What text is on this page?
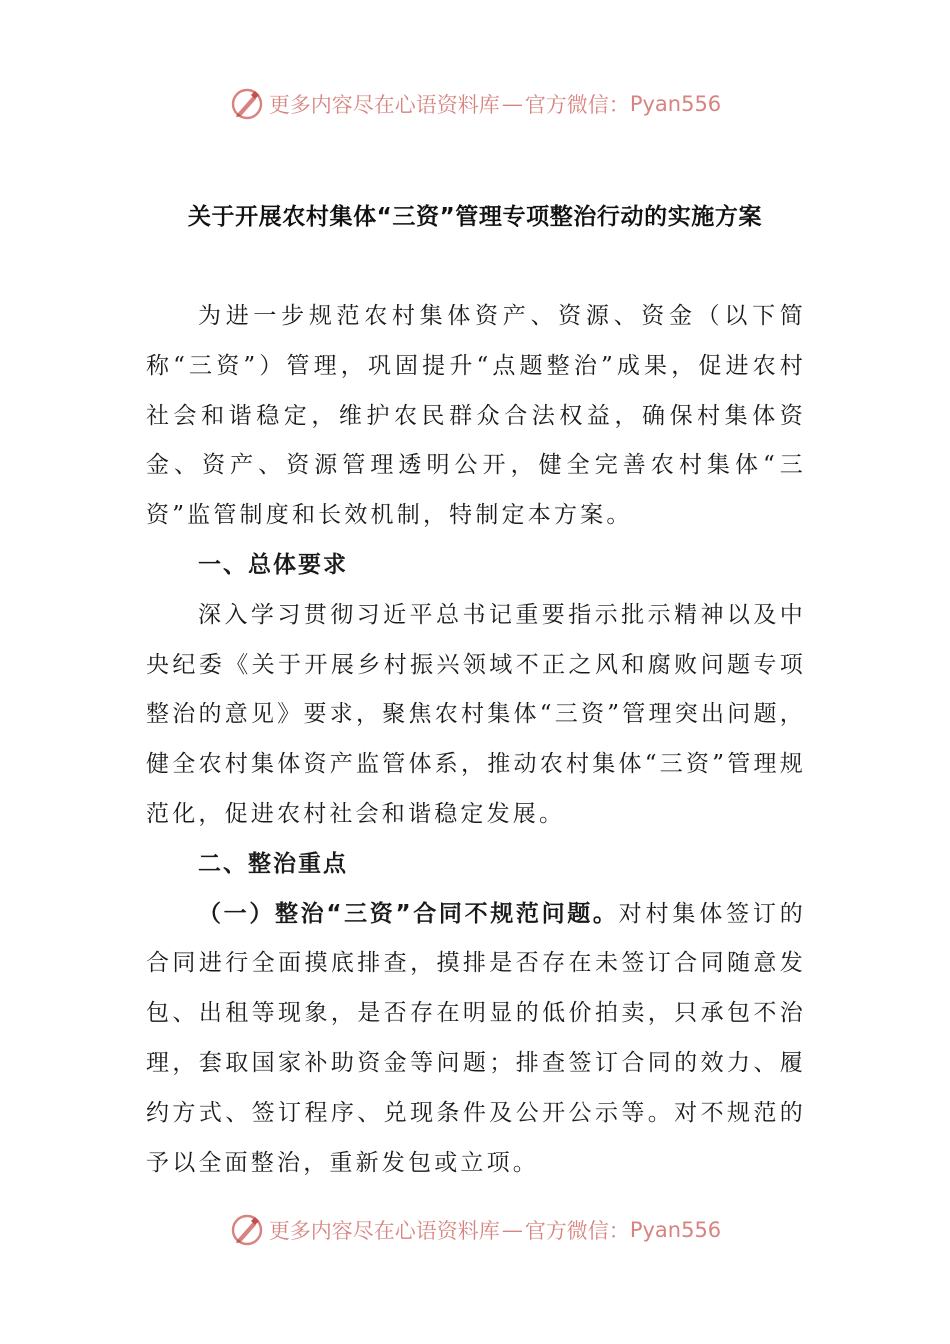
更多内容尽在心语资料库 — 官方微信： Pyan556
关于开展农村集体“三资”管理专项整治行动的实施方案

为进一步规范农村集体资产、资源、资金（以下简称“三资”）管理，巩固提升“点题整治”成果，促进农村社会和谐稳定，维护农民群众合法权益，确保村集体资金、资产、资源管理透明公开，健全完善农村集体“三资”监管制度和长效机制，特制定本方案。

一、总体要求

深入学习贯彻习近平总书记重要指示批示精神以及中央纪委《关于开展乡村振兴领域不正之风和腐败问题专项整治的意见》要求，聚焦农村集体“三资”管理突出问题，健全农村集体资产监管体系，推动农村集体“三资”管理规范化，促进农村社会和谐稳定发展。

二、整治重点

（一）整治“三资”合同不规范问题。对村集体签订的合同进行全面摸底排查，摸排是否存在未签订合同随意发包、出租等现象，是否存在明显的低价拍卖，只承包不治理，套取国家补助资金等问题；排查签订合同的效力、履约方式、签订程序、兑现条件及公开公示等。对不规范的予以全面整治，重新发包或立项。

更多内容尽在心语资料库 — 官方微信： Pyan556
